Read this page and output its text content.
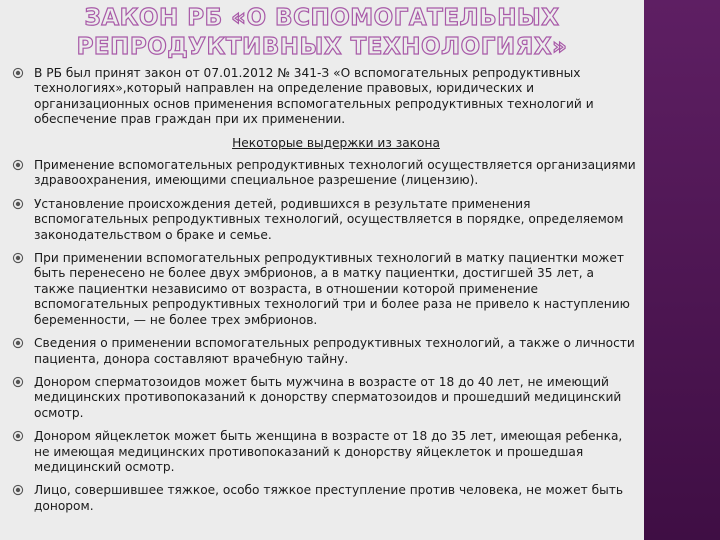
ЗАКОН РБ «О ВСПОМОГАТЕЛЬНЫХ РЕПРОДУКТИВНЫХ ТЕХНОЛОГИЯХ»
В РБ был принят закон от 07.01.2012 № 341-З «О вспомогательных репродуктивных технологиях»,который направлен на определение правовых, юридических и организационных основ применения вспомогательных репродуктивных технологий и обеспечение прав граждан при их применении.
Некоторые выдержки из закона
Применение вспомогательных репродуктивных технологий осуществляется организациями здравоохранения, имеющими специальное разрешение (лицензию).
Установление происхождения детей, родившихся в результате применения вспомогательных репродуктивных технологий, осуществляется в порядке, определяемом законодательством о браке и семье.
При применении вспомогательных репродуктивных технологий в матку пациентки может быть перенесено не более двух эмбрионов, а в матку пациентки, достигшей 35 лет, а также пациентки независимо от возраста, в отношении которой применение вспомогательных репродуктивных технологий три и более раза не привело к наступлению беременности, — не более трех эмбрионов.
Сведения о применении вспомогательных репродуктивных технологий, а также о личности пациента, донора составляют врачебную тайну.
Донором сперматозоидов может быть мужчина в возрасте от 18 до 40 лет, не имеющий медицинских противопоказаний к донорству сперматозоидов и прошедший медицинский осмотр.
Донором яйцеклеток может быть женщина в возрасте от 18 до 35 лет, имеющая ребенка, не имеющая медицинских противопоказаний к донорству яйцеклеток и прошедшая медицинский осмотр.
Лицо, совершившее тяжкое, особо тяжкое преступление против человека, не может быть донором.
